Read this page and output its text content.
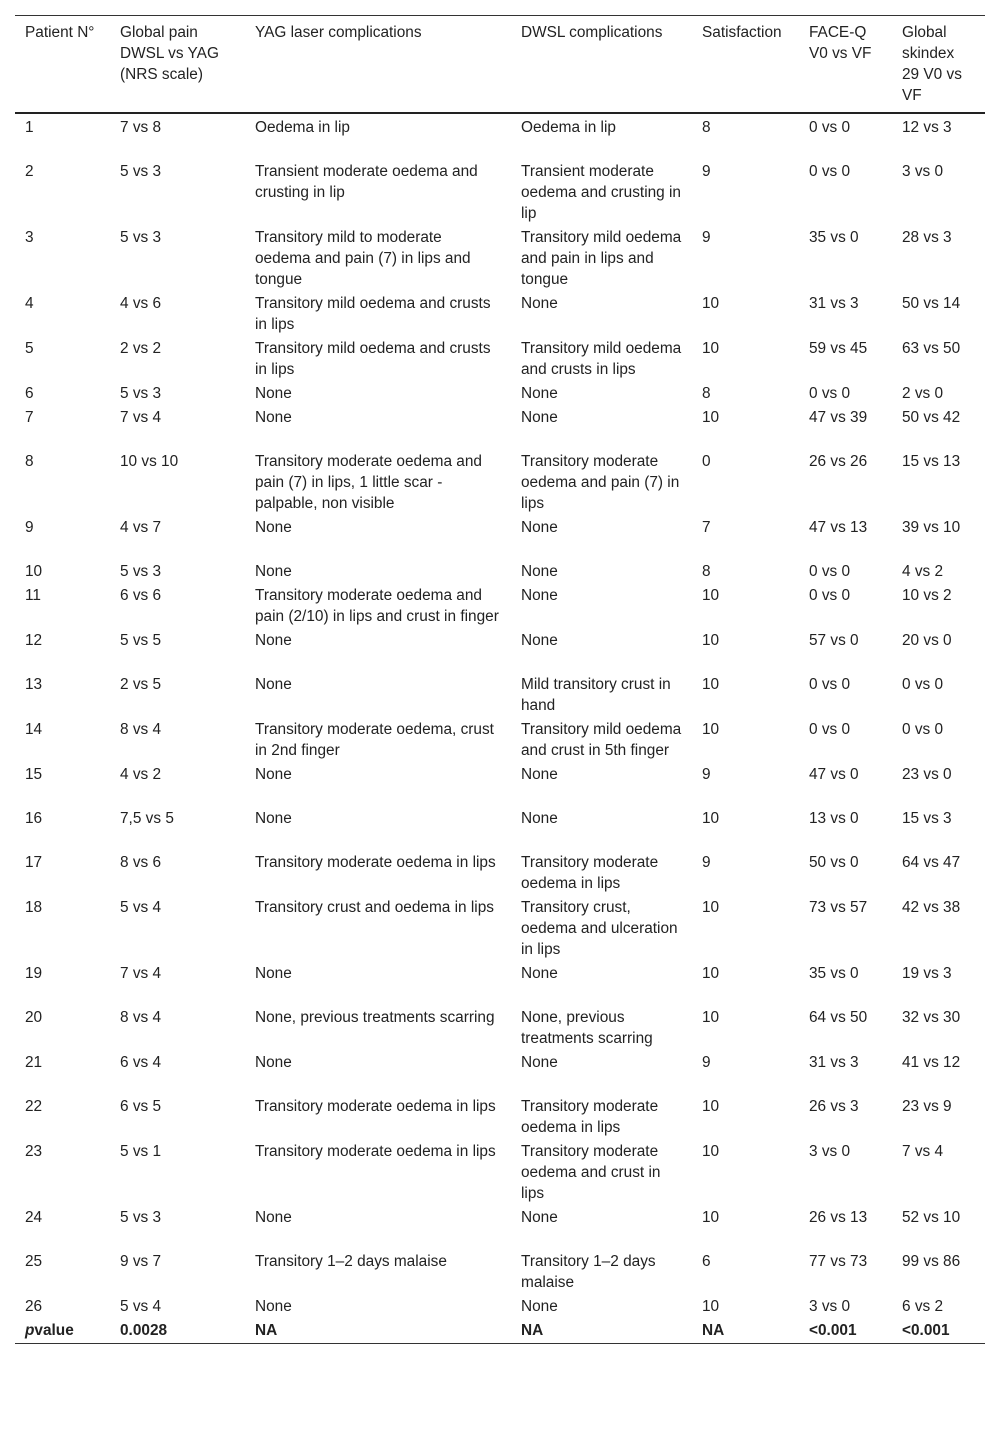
Patient N°	Global pain DWSL vs YAG (NRS scale)	YAG laser complications	DWSL complications	Satisfaction	FACE-Q V0 vs VF	Global skindex 29 V0 vs VF
1	7 vs 8	Oedema in lip	Oedema in lip	8	0 vs 0	12 vs 3
2	5 vs 3	Transient moderate oedema and crusting in lip	Transient moderate oedema and crusting in lip	9	0 vs 0	3 vs 0
3	5 vs 3	Transitory mild to moderate oedema and pain (7) in lips and tongue	Transitory mild oedema and pain in lips and tongue	9	35 vs 0	28 vs 3
4	4 vs 6	Transitory mild oedema and crusts in lips	None	10	31 vs 3	50 vs 14
5	2 vs 2	Transitory mild oedema and crusts in lips	Transitory mild oedema and crusts in lips	10	59 vs 45	63 vs 50
6	5 vs 3	None	None	8	0 vs 0	2 vs 0
7	7 vs 4	None	None	10	47 vs 39	50 vs 42
8	10 vs 10	Transitory moderate oedema and pain (7) in lips, 1 little scar - palpable, non visible	Transitory moderate oedema and pain (7) in lips	0	26 vs 26	15 vs 13
9	4 vs 7	None	None	7	47 vs 13	39 vs 10
10	5 vs 3	None	None	8	0 vs 0	4 vs 2
11	6 vs 6	Transitory moderate oedema and pain (2/10) in lips and crust in finger	None	10	0 vs 0	10 vs 2
12	5 vs 5	None	None	10	57 vs 0	20 vs 0
13	2 vs 5	None	Mild transitory crust in hand	10	0 vs 0	0 vs 0
14	8 vs 4	Transitory moderate oedema, crust in 2nd finger	Transitory mild oedema and crust in 5th finger	10	0 vs 0	0 vs 0
15	4 vs 2	None	None	9	47 vs 0	23 vs 0
16	7,5 vs 5	None	None	10	13 vs 0	15 vs 3
17	8 vs 6	Transitory moderate oedema in lips	Transitory moderate oedema in lips	9	50 vs 0	64 vs 47
18	5 vs 4	Transitory crust and oedema in lips	Transitory crust, oedema and ulceration in lips	10	73 vs 57	42 vs 38
19	7 vs 4	None	None	10	35 vs 0	19 vs 3
20	8 vs 4	None, previous treatments scarring	None, previous treatments scarring	10	64 vs 50	32 vs 30
21	6 vs 4	None	None	9	31 vs 3	41 vs 12
22	6 vs 5	Transitory moderate oedema in lips	Transitory moderate oedema in lips	10	26 vs 3	23 vs 9
23	5 vs 1	Transitory moderate oedema in lips	Transitory moderate oedema and crust in lips	10	3 vs 0	7 vs 4
24	5 vs 3	None	None	10	26 vs 13	52 vs 10
25	9 vs 7	Transitory 1–2 days malaise	Transitory 1–2 days malaise	6	77 vs 73	99 vs 86
26	5 vs 4	None	None	10	3 vs 0	6 vs 2
pvalue	0.0028	NA	NA	NA	<0.001	<0.001
